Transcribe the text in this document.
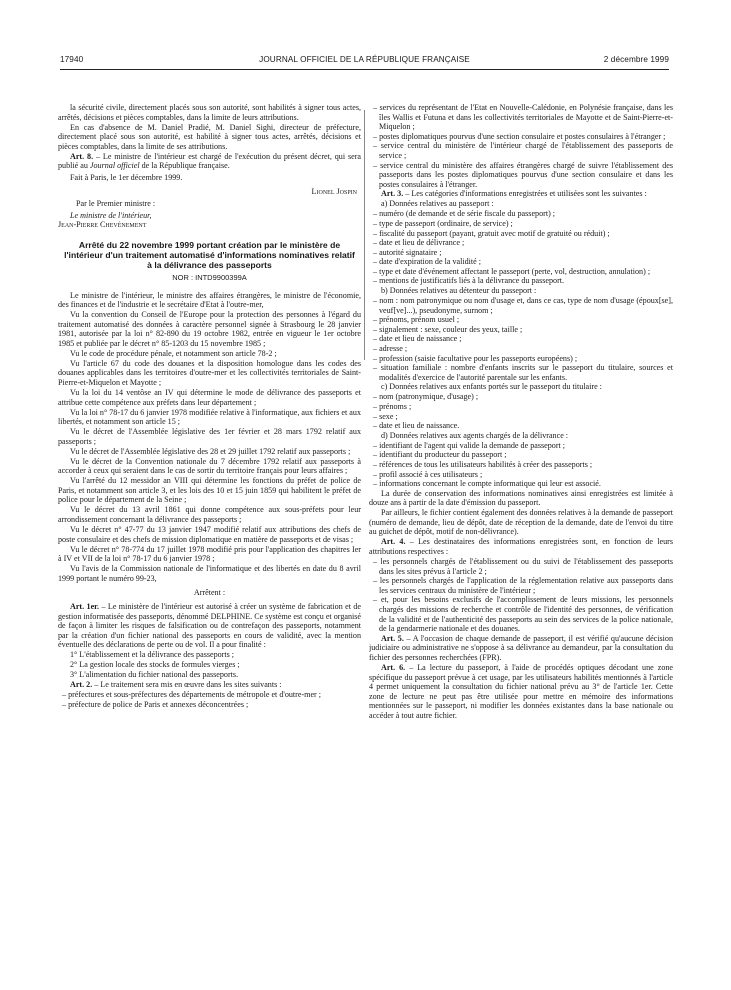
17940	JOURNAL OFFICIEL DE LA RÉPUBLIQUE FRANÇAISE	2 décembre 1999

la sécurité civile, directement placés sous son autorité, sont habilités à signer tous actes, arrêtés, décisions et pièces comptables, dans la limite de leurs attributions.

En cas d'absence de M. Daniel Pradié, M. Daniel Sighi, directeur de préfecture, directement placé sous son autorité, est habilité à signer tous actes, arrêtés, décisions et pièces comptables, dans la limite de ses attributions.

Art. 8. – Le ministre de l'intérieur est chargé de l'exécution du présent décret, qui sera publié au Journal officiel de la République française.

Fait à Paris, le 1er décembre 1999.

Lionel Jospin

Par le Premier ministre :

Le ministre de l'intérieur,

Jean-Pierre Chevènement

Arrêté du 22 novembre 1999 portant création par le ministère de l'intérieur d'un traitement automatisé d'informations nominatives relatif à la délivrance des passeports
NOR : INTD9900399A

Le ministre de l'intérieur, le ministre des affaires étrangères, le ministre de l'économie, des finances et de l'industrie et le secrétaire d'Etat à l'outre-mer,

Vu la convention du Conseil de l'Europe pour la protection des personnes à l'égard du traitement automatisé des données à caractère personnel signée à Strasbourg le 28 janvier 1981, autorisée par la loi n° 82-890 du 19 octobre 1982, entrée en vigueur le 1er octobre 1985 et publiée par le décret n° 85-1203 du 15 novembre 1985 ;

Vu le code de procédure pénale, et notamment son article 78-2 ;

Vu l'article 67 du code des douanes et la disposition homologue dans les codes des douanes applicables dans les territoires d'outre-mer et les collectivités territoriales de Saint-Pierre-et-Miquelon et Mayotte ;

Vu la loi du 14 ventôse an IV qui détermine le mode de délivrance des passeports et attribue cette compétence aux préfets dans leur département ;

Vu la loi n° 78-17 du 6 janvier 1978 modifiée relative à l'informatique, aux fichiers et aux libertés, et notamment son article 15 ;

Vu le décret de l'Assemblée législative des 1er février et 28 mars 1792 relatif aux passeports ;

Vu le décret de l'Assemblée législative des 28 et 29 juillet 1792 relatif aux passeports ;

Vu le décret de la Convention nationale du 7 décembre 1792 relatif aux passeports à accorder à ceux qui seraient dans le cas de sortir du territoire français pour leurs affaires ;

Vu l'arrêté du 12 messidor an VIII qui détermine les fonctions du préfet de police de Paris, et notamment son article 3, et les lois des 10 et 15 juin 1859 qui habilitent le préfet de police pour le département de la Seine ;

Vu le décret du 13 avril 1861 qui donne compétence aux sous-préfets pour leur arrondissement concernant la délivrance des passeports ;

Vu le décret n° 47-77 du 13 janvier 1947 modifié relatif aux attributions des chefs de poste consulaire et des chefs de mission diplomatique en matière de passeports et de visas ;

Vu le décret n° 78-774 du 17 juillet 1978 modifié pris pour l'application des chapitres Ier à IV et VII de la loi n° 78-17 du 6 janvier 1978 ;

Vu l'avis de la Commission nationale de l'informatique et des libertés en date du 8 avril 1999 portant le numéro 99-23,

Arrêtent :

Art. 1er. – Le ministère de l'intérieur est autorisé à créer un système de fabrication et de gestion informatisée des passeports, dénommé DELPHINE. Ce système est conçu et organisé de façon à limiter les risques de falsification ou de contrefaçon des passeports, notamment par la création d'un fichier national des passeports en cours de validité, avec la mention éventuelle des déclarations de perte ou de vol. Il a pour finalité :

1° L'établissement et la délivrance des passeports ;

2° La gestion locale des stocks de formules vierges ;

3° L'alimentation du fichier national des passeports.

Art. 2. – Le traitement sera mis en œuvre dans les sites suivants :

– préfectures et sous-préfectures des départements de métropole et d'outre-mer ;

– préfecture de police de Paris et annexes déconcentrées ;

– services du représentant de l'Etat en Nouvelle-Calédonie, en Polynésie française, dans les îles Wallis et Futuna et dans les collectivités territoriales de Mayotte et de Saint-Pierre-et-Miquelon ;

– postes diplomatiques pourvus d'une section consulaire et postes consulaires à l'étranger ;

– service central du ministère de l'intérieur chargé de l'établissement des passeports de service ;

– service central du ministère des affaires étrangères chargé de suivre l'établissement des passeports dans les postes diplomatiques pourvus d'une section consulaire et dans les postes consulaires à l'étranger.

Art. 3. – Les catégories d'informations enregistrées et utilisées sont les suivantes :

a) Données relatives au passeport :

– numéro (de demande et de série fiscale du passeport) ;

– type de passeport (ordinaire, de service) ;

– fiscalité du passeport (payant, gratuit avec motif de gratuité ou réduit) ;

– date et lieu de délivrance ;

– autorité signataire ;

– date d'expiration de la validité ;

– type et date d'événement affectant le passeport (perte, vol, destruction, annulation) ;

– mentions de justificatifs liés à la délivrance du passeport.

b) Données relatives au détenteur du passeport :

– nom : nom patronymique ou nom d'usage et, dans ce cas, type de nom d'usage (époux[se], veuf[ve]...), pseudonyme, surnom ;

– prénoms, prénom usuel ;

– signalement : sexe, couleur des yeux, taille ;

– date et lieu de naissance ;

– adresse ;

– profession (saisie facultative pour les passeports européens) ;

– situation familiale : nombre d'enfants inscrits sur le passeport du titulaire, sources et modalités d'exercice de l'autorité parentale sur les enfants.

c) Données relatives aux enfants portés sur le passeport du titulaire :

– nom (patronymique, d'usage) ;

– prénoms ;

– sexe ;

– date et lieu de naissance.

d) Données relatives aux agents chargés de la délivrance :

– identifiant de l'agent qui valide la demande de passeport ;

– identifiant du producteur du passeport ;

– références de tous les utilisateurs habilités à créer des passeports ;

– profil associé à ces utilisateurs ;

– informations concernant le compte informatique qui leur est associé.

La durée de conservation des informations nominatives ainsi enregistrées est limitée à douze ans à partir de la date d'émission du passeport.

Par ailleurs, le fichier contient également des données relatives à la demande de passeport (numéro de demande, lieu de dépôt, date de réception de la demande, date de l'envoi du titre au guichet de dépôt, motif de non-délivrance).

Art. 4. – Les destinataires des informations enregistrées sont, en fonction de leurs attributions respectives :

– les personnels chargés de l'établissement ou du suivi de l'établissement des passeports dans les sites prévus à l'article 2 ;

– les personnels chargés de l'application de la réglementation relative aux passeports dans les services centraux du ministère de l'intérieur ;

– et, pour les besoins exclusifs de l'accomplissement de leurs missions, les personnels chargés des missions de recherche et contrôle de l'identité des personnes, de vérification de la validité et de l'authenticité des passeports au sein des services de la police nationale, de la gendarmerie nationale et des douanes.

Art. 5. – A l'occasion de chaque demande de passeport, il est vérifié qu'aucune décision judiciaire ou administrative ne s'oppose à sa délivrance au demandeur, par la consultation du fichier des personnes recherchées (FPR).

Art. 6. – La lecture du passeport, à l'aide de procédés optiques décodant une zone spécifique du passeport prévue à cet usage, par les utilisateurs habilités mentionnés à l'article 4 permet uniquement la consultation du fichier national prévu au 3° de l'article 1er. Cette zone de lecture ne peut pas être utilisée pour mettre en mémoire des informations mentionnées sur le passeport, ni modifier les données existantes dans la base nationale ou accéder à tout autre fichier.
